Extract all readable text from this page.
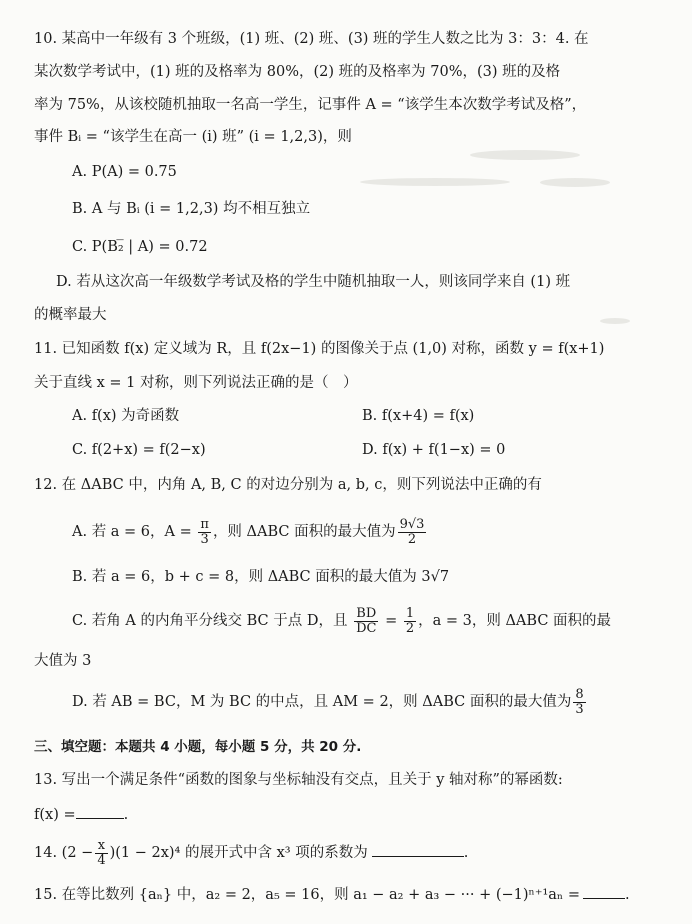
10. 某高中一年级有 3 个班级，(1) 班、(2) 班、(3) 班的学生人数之比为 3：3：4. 在
某次数学考试中，(1) 班的及格率为 80%，(2) 班的及格率为 70%，(3) 班的及格
率为 75%，从该校随机抽取一名高一学生，记事件 A = “该学生本次数学考试及格”，
事件 Bᵢ = “该学生在高一 (i) 班” (i = 1,2,3)，则
A. P(A) = 0.75
B. A 与 Bᵢ (i = 1,2,3) 均不相互独立
C. P(B₂̅ | A) = 0.72
D. 若从这次高一年级数学考试及格的学生中随机抽取一人，则该同学来自 (1) 班
的概率最大
11. 已知函数 f(x) 定义域为 R，且 f(2x−1) 的图像关于点 (1,0) 对称，函数 y = f(x+1)
关于直线 x = 1 对称，则下列说法正确的是（　）
A. f(x) 为奇函数	B. f(x+4) = f(x)
C. f(2+x) = f(2−x)	D. f(x) + f(1−x) = 0
12. 在 ΔABC 中，内角 A, B, C 的对边分别为 a, b, c，则下列说法中正确的有
A. 若 a = 6，$A = \frac{\pi}{3}$ ，则 ΔABC 面积的最大值为 $\frac{9√3}{2}$
B. 若 a = 6，b + c = 8，则 ΔABC 面积的最大值为 3√7
C. 若角 A 的内角平分线交 BC 于点 D，且 $\frac{BD}{DC} = \frac{1}{2}$ ，a = 3，则 ΔABC 面积的最
大值为 3
D. 若 AB = BC，M 为 BC 的中点，且 AM = 2，则 ΔABC 面积的最大值为 $\frac{8}{3}$
三、填空题：本题共 4 小题，每小题 5 分，共 20 分.
13. 写出一个满足条件“函数的图象与坐标轴没有交点，且关于 y 轴对称”的幂函数:
f(x) =	.
14. $(2 - \frac{x}{4} )(1 - 2x)^4$ 的展开式中含 x³ 项的系数为	.
15. 在等比数列 {aₙ} 中，a₂ = 2，a₅ = 16，则 a₁ − a₂ + a₃ − ··· + (−1)ⁿ⁺¹aₙ =	.
